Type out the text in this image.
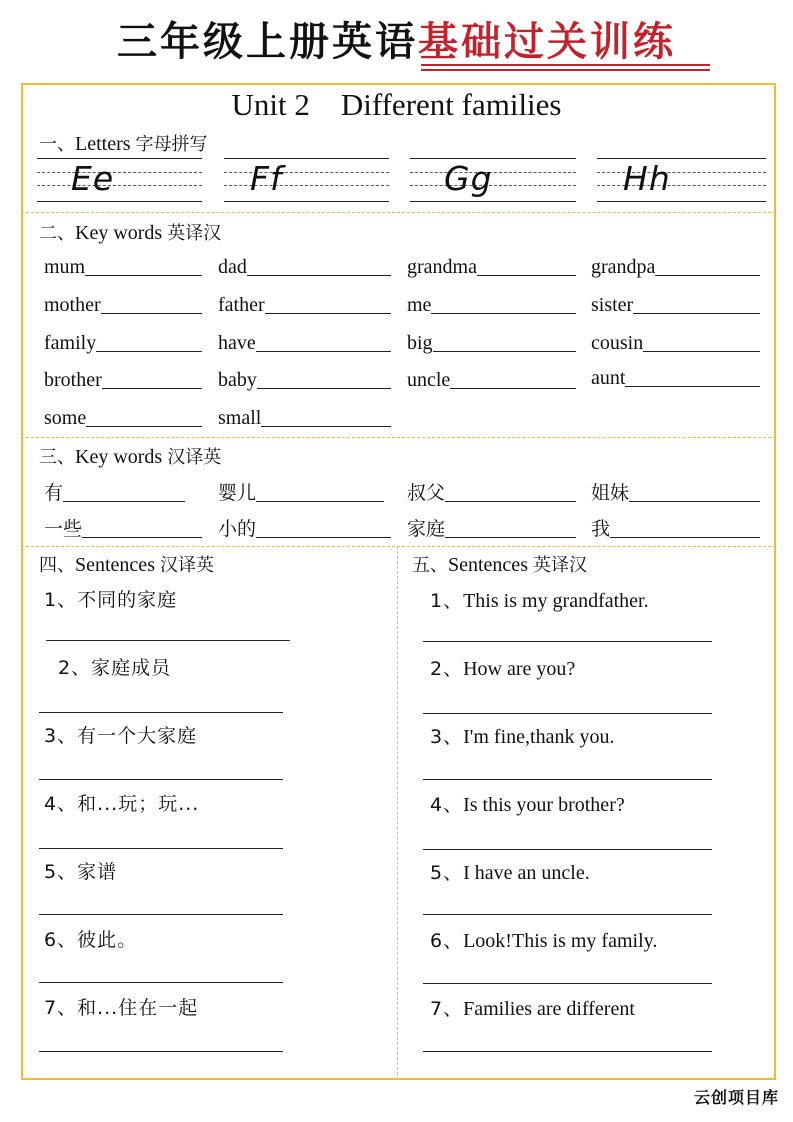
三年级上册英语基础过关训练
Unit 2    Different families
一、Letters 字母拼写
Ee	Ff	Gg	Hh
二、Key words 英译汉
mum	dad	grandma	grandpa
mother	father	me	sister
family	have	big	cousin
brother	baby	uncle	aunt
some	small
三、Key words 汉译英
有	婴儿	叔父	姐妹
一些	小的	家庭	我
四、Sentences 汉译英	五、Sentences 英译汉
1、不同的家庭
2、家庭成员
3、有一个大家庭
4、和...玩；玩...
5、家谱
6、彼此。
7、和...住在一起
1、This is my grandfather.
2、How are you?
3、I'm fine,thank you.
4、Is this your brother?
5、I have an uncle.
6、Look!This is my family.
7、Families are different
云创项目库
